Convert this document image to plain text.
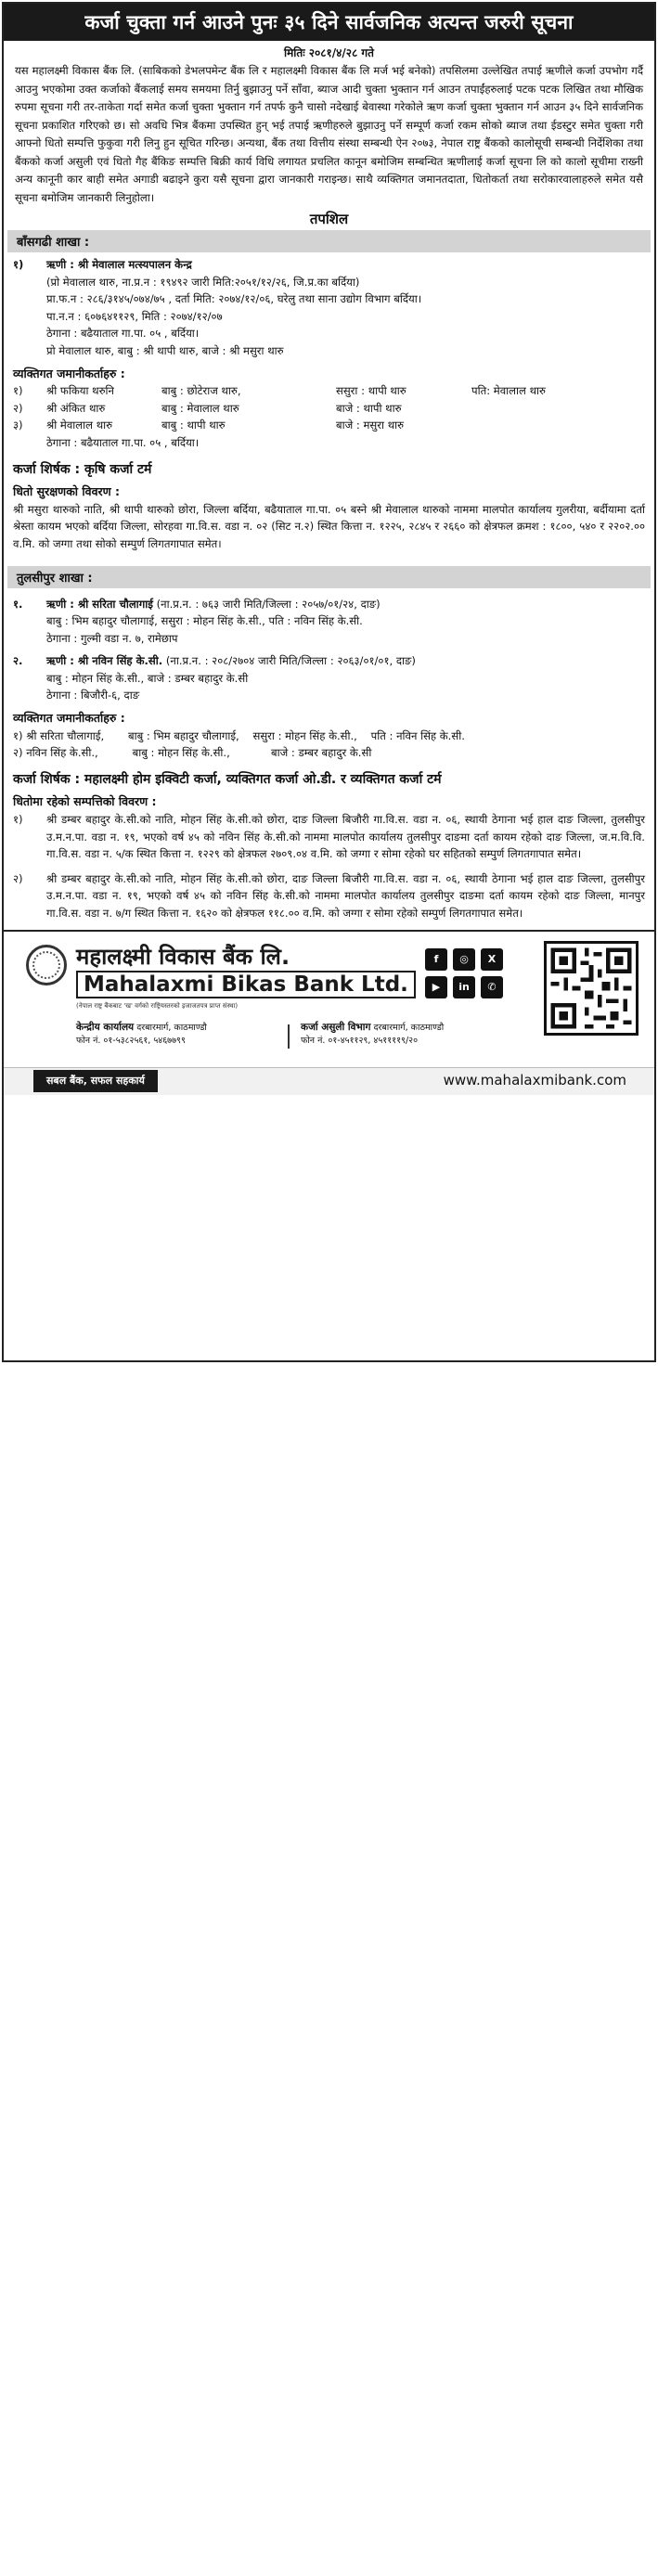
कर्जा चुक्ता गर्न आउने पुनः ३५ दिने सार्वजनिक अत्यन्त जरुरी सूचना
मितिः २०८१/४/२८ गते
यस महालक्ष्मी विकास बैंक लि. (साबिकको डेभलपमेन्ट बैंक लि र महालक्ष्मी विकास बैंक लि मर्ज भई बनेको) तपसिलमा उल्लेखित तपाई ऋणीले कर्जा उपभोग गर्दै आउनु भएकोमा उक्त कर्जाको बैंकलाई समय समयमा तिर्नु बुझाउनु पर्ने साँवा, ब्याज आदी चुक्ता भुक्तान गर्न आउन तपाईंहरुलाई पटक पटक लिखित तथा मौखिक रुपमा सूचना गरी तर-ताकेता गर्दा समेत कर्जा चुक्ता भुक्तान गर्न तपर्फ कुनै चासो नदेखाई बेवास्था गरेकोले ऋण कर्जा चुक्ता भुक्तान गर्न आउन ३५ दिने सार्वजनिक सूचना प्रकाशित गरिएको छ। सो अवधि भित्र बैंकमा उपस्थित हुन् भई तपाई ऋणीहरुले बुझाउनु पर्ने सम्पूर्ण कर्जा रकम सोको ब्याज तथा ईडस्टुर समेत चुक्ता गरी आफ्नो धितो सम्पत्ति फुकुवा गरी लिनु हुन सूचित गरिन्छ। अन्यथा, बैंक तथा वित्तीय संस्था सम्बन्धी ऐन २०७३, नेपाल राष्ट्र बैंकको कालोसूची सम्बन्धी निर्देशिका तथा बैंकको कर्जा असुली एवं धितो गैह बैंकिङ सम्पत्ति बिक्री कार्य विधि लगायत प्रचलित कानून बमोजिम सम्बन्धित ऋणीलाई कर्जा सूचना लि को कालो सूचीमा राख्नी अन्य कानूनी कार बाही समेत अगाडी बढाइने कुरा यसै सूचना द्वारा जानकारी गराइन्छ। साथै व्यक्तिगत जमानतदाता, धितोकर्ता तथा सरोकारवालाहरुले समेत यसै सूचना बमोजिम जानकारी लिनुहोला।
तपशिल
बाँसगढी शाखा :
१)	ऋणी : श्री मेवालाल मत्स्यपालन केन्द्र
(प्रो मेवालाल थारु, ना.प्र.न : १९४९२ जारी मिति:२०५१/१२/२६, जि.प्र.का बर्दिया)
प्रा.फ.न : २८६/३१४५/०७४/७५ , दर्ता मिति: २०७४/१२/०६, घरेलु तथा साना उद्योग विभाग बर्दिया।
पा.न.न : ६०७६४११२९, मिति : २०७४/१२/०७
ठेगाना : बढैयाताल गा.पा. ०५ , बर्दिया।
प्रो मेवालाल थारु, बाबु : श्री थापी थारु, बाजे : श्री मसुरा थारु
व्यक्तिगत जमानीकर्ताहरु :
१)	श्री फकिया थरुनि	बाबु : छोटेराज थारु,	ससुरा : थापी थारु	पति: मेवालाल थारु
२)	श्री अंकित थारु	बाबु : मेवालाल थारु	बाजे : थापी थारु
३)	श्री मेवालाल थारु	बाबु : थापी थारु	बाजे : मसुरा थारु
ठेगाना : बढैयाताल गा.पा. ०५ , बर्दिया।
कर्जा शिर्षक : कृषि कर्जा टर्म
धितो सुरक्षणको विवरण :
श्री मसुरा थारुको नाति, श्री थापी थारुको छोरा, जिल्ला बर्दिया, बढैयाताल गा.पा. ०५ बस्ने श्री मेवालाल थारुको नाममा मालपोत कार्यालय गुलरीया, बर्दीयामा दर्ता श्रेस्ता कायम भएको बर्दिया जिल्ला, सोरहवा गा.वि.स. वडा न. ०२ (सिट न.२) स्थित कित्ता न. १२२५, २८४५ र २६६० को क्षेत्रफल क्रमश : १८००, ५४० र २२०२.०० व.मि. को जग्गा तथा सोको सम्पुर्ण लिगतगापात समेत।
तुलसीपुर शाखा :
१.	ऋणी : श्री सरिता चौलागाई (ना.प्र.न. : ७६३ जारी मिति/जिल्ला : २०५७/०१/२४, दाङ)
बाबु : भिम बहादुर चौलागाई, ससुरा : मोहन सिंह के.सी., पति : नविन सिंह के.सी.
ठेगाना : गुल्मी वडा न. ७, रामेछाप
२.	ऋणी : श्री नविन सिंह के.सी. (ना.प्र.न. : २०८/२७०४ जारी मिति/जिल्ला : २०६३/०१/०१, दाङ)
बाबु : मोहन सिंह के.सी., बाजे : डम्बर बहादुर के.सी
ठेगाना : बिजौरी-६, दाङ
व्यक्तिगत जमानीकर्ताहरु :
१) श्री सरिता चौलागाई,       बाबु : भिम बहादुर चौलागाई,    ससुरा : मोहन सिंह के.सी.,    पति : नविन सिंह के.सी.
२) नविन सिंह के.सी.,          बाबु : मोहन सिंह के.सी.,            बाजे : डम्बर बहादुर के.सी
कर्जा शिर्षक : महालक्ष्मी होम इक्विटी कर्जा, व्यक्तिगत कर्जा ओ.डी. र व्यक्तिगत कर्जा टर्म
धितोमा रहेको सम्पत्तिको विवरण :
१)	श्री डम्बर बहादुर के.सी.को नाति, मोहन सिंह के.सी.को छोरा, दाङ जिल्ला बिजौरी गा.वि.स. वडा न. ०६, स्थायी ठेगाना भई हाल दाङ जिल्ला, तुलसीपुर उ.म.न.पा. वडा न. १९, भएको वर्ष ४५ को नविन सिंह के.सी.को नाममा मालपोत कार्यालय तुलसीपुर दाङमा दर्ता कायम रहेको दाङ जिल्ला, ज.म.वि.वि. गा.वि.स. वडा न. ५/क स्थित कित्ता न. १२२९ को क्षेत्रफल २७०९.०४ व.मि. को जग्गा र सोमा रहेको घर सहितको सम्पुर्ण लिगतगापात समेत।
२)	श्री डम्बर बहादुर के.सी.को नाति, मोहन सिंह के.सी.को छोरा, दाङ जिल्ला बिजौरी गा.वि.स. वडा न. ०६, स्थायी ठेगाना भई हाल दाङ जिल्ला, तुलसीपुर उ.म.न.पा. वडा न. १९, भएको वर्ष ४५ को नविन सिंह के.सी.को नाममा मालपोत कार्यालय तुलसीपुर दाङमा दर्ता कायम रहेको दाङ जिल्ला, मानपुर गा.वि.स. वडा न. ७/ग स्थित कित्ता न. १६२० को क्षेत्रफल ११८.०० व.मि. को जग्गा र सोमा रहेको सम्पुर्ण लिगतगापात समेत।
महालक्ष्मी विकास बैंक लि.
Mahalaxmi Bikas Bank Ltd.
(नेपाल राष्ट्र बैंकबाट 'ख' वर्गको राष्ट्रियस्तरको इजाजतपत्र प्राप्त संस्था)
केन्द्रीय कार्यालय दरबारमार्ग, काठमाण्डौ
फोन नं. ०१-५३८२५६१, ५४६७७९९
कर्जा असुली विभाग दरबारमार्ग, काठमाण्डौ
फोन नं. ०१-४५११२९, ४५११११९/२०
f	◎	X
▶	in	✆
सबल बैंक, सफल सहकार्य	www.mahalaxmibank.com
